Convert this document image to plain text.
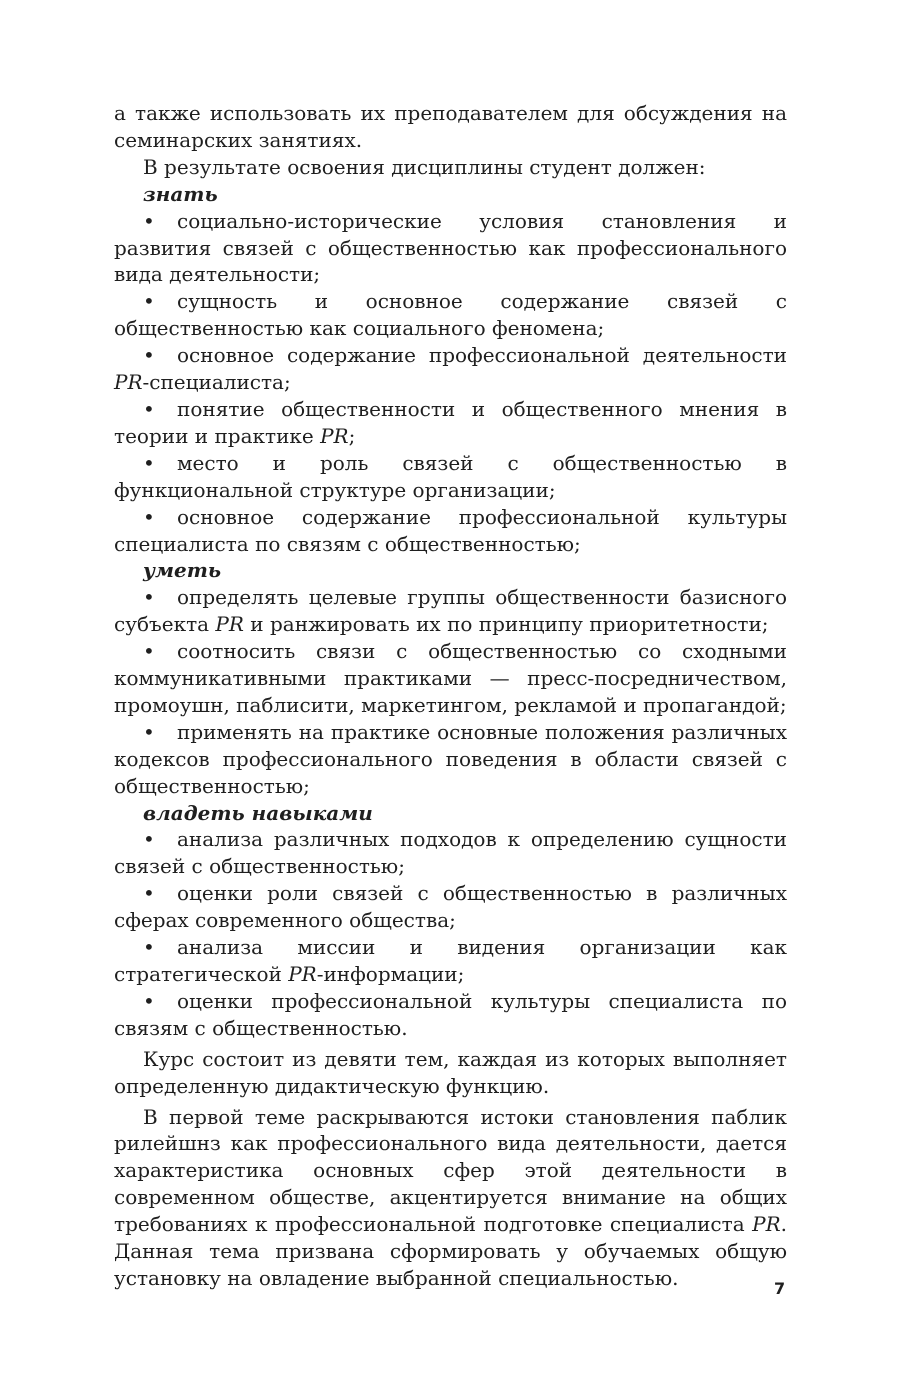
а также использовать их преподавателем для обсуждения на семинарских занятиях.

В результате освоения дисциплины студент должен:

знать
• социально-исторические условия становления и развития связей с общественностью как профессионального вида деятельности;
• сущность и основное содержание связей с общественностью как социального феномена;
• основное содержание профессиональной деятельности PR-специалиста;
• понятие общественности и общественного мнения в теории и практике PR;
• место и роль связей с общественностью в функциональной структуре организации;
• основное содержание профессиональной культуры специалиста по связям с общественностью;
уметь
• определять целевые группы общественности базисного субъекта PR и ранжировать их по принципу приоритетности;
• соотносить связи с общественностью со сходными коммуникативными практиками — пресс-посредничеством, промоушн, паблисити, маркетингом, рекламой и пропагандой;
• применять на практике основные положения различных кодексов профессионального поведения в области связей с общественностью;
владеть навыками
• анализа различных подходов к определению сущности связей с общественностью;
• оценки роли связей с общественностью в различных сферах современного общества;
• анализа миссии и видения организации как стратегической PR-информации;
• оценки профессиональной культуры специалиста по связям с общественностью.

Курс состоит из девяти тем, каждая из которых выполняет определенную дидактическую функцию.

В первой теме раскрываются истоки становления паблик рилейшнз как профессионального вида деятельности, дается характеристика основных сфер этой деятельности в современном обществе, акцентируется внимание на общих требованиях к профессиональной подготовке специалиста PR. Данная тема призвана сформировать у обучаемых общую установку на овладение выбранной специальностью.	7
